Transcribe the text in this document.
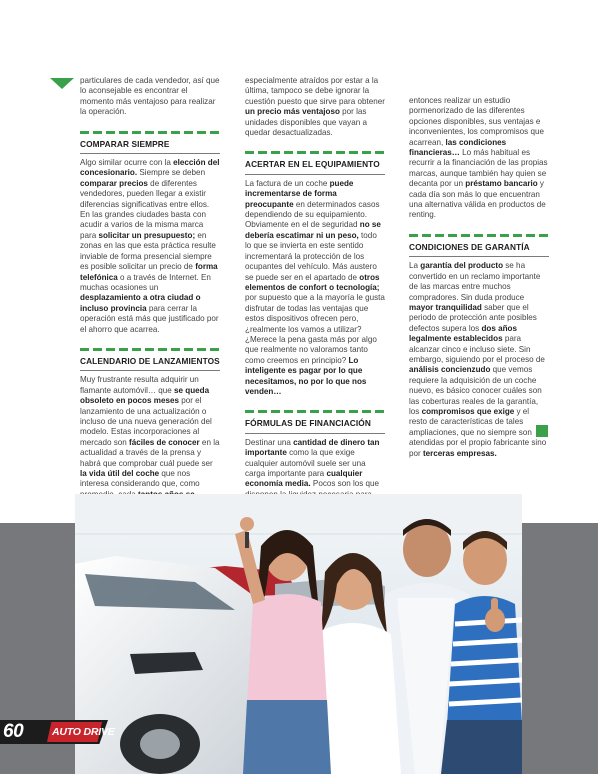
particulares de cada vendedor, así que lo aconsejable es encontrar el momento más ventajoso para realizar la operación.

COMPARAR SIEMPRE

Algo similar ocurre con la elección del concesionario. Siempre se deben comparar precios de diferentes vendedores, pueden llegar a existir diferencias significativas entre ellos. En las grandes ciudades basta con acudir a varios de la misma marca para solicitar un presupuesto; en zonas en las que esta práctica resulte inviable de forma presencial siempre es posible solicitar un precio de forma telefónica o a través de Internet. En muchas ocasiones un desplazamiento a otra ciudad o incluso provincia para cerrar la operación está más que justificado por el ahorro que acarrea.

CALENDARIO DE LANZAMIENTOS

Muy frustrante resulta adquirir un flamante automóvil… que se queda obsoleto en pocos meses por el lanzamiento de una actualización o incluso de una nueva generación del modelo. Estas incorporaciones al mercado son fáciles de conocer en la actualidad a través de la prensa y habrá que comprobar cuál puede ser la vida útil del coche que nos interesa considerando que, como

especialmente atraídos por estar a la última, tampoco se debe ignorar la cuestión puesto que sirve para obtener un precio más ventajoso por las unidades disponibles que vayan a quedar desactualizadas.

ACERTAR EN EL EQUIPAMIENTO

La factura de un coche puede incrementarse de forma preocupante en determinados casos dependiendo de su equipamiento. Obviamente en el de seguridad no se debería escatimar ni un peso, todo lo que se invierta en este sentido incrementará la protección de los ocupantes del vehículo. Más austero se puede ser en el apartado de otros elementos de confort o tecnología; por supuesto que a la mayoría le gusta disfrutar de todas las ventajas que estos dispositivos ofrecen pero, ¿realmente los vamos a utilizar? ¿Merece la pena gasta más por algo que realmente no valoramos tanto como creemos en principio? Lo inteligente es pagar por lo que necesitamos, no por lo que nos venden…

FÓRMULAS DE FINANCIACIÓN

Destinar una cantidad de dinero tan importante como la que exige cualquier automóvil suele ser una carga importante para cualquier economía media. Pocos son los que

entonces realizar un estudio pormenorizado de las diferentes opciones disponibles, sus ventajas e inconvenientes, los compromisos que acarrean, las condiciones financieras… Lo más habitual es recurrir a la financiación de las propias marcas, aunque también hay quien se decanta por un préstamo bancario y cada día son más lo que encuentran una alternativa válida en productos de renting.

CONDICIONES DE GARANTÍA

La garantía del producto se ha convertido en un reclamo importante de las marcas entre muchos compradores. Sin duda produce mayor tranquilidad saber que el periodo de protección ante posibles defectos supera los dos años legalmente establecidos para alcanzar cinco e incluso siete. Sin embargo, siguiendo por el proceso de análisis concienzudo que vemos requiere la adquisición de un coche nuevo, es básico conocer cuáles son las coberturas reales de la garantía, los compromisos que exige y el resto de características de tales ampliaciones, que no siempre son atendidas por el propio fabricante sino por terceras empresas.

60	AUTO DRIVE
